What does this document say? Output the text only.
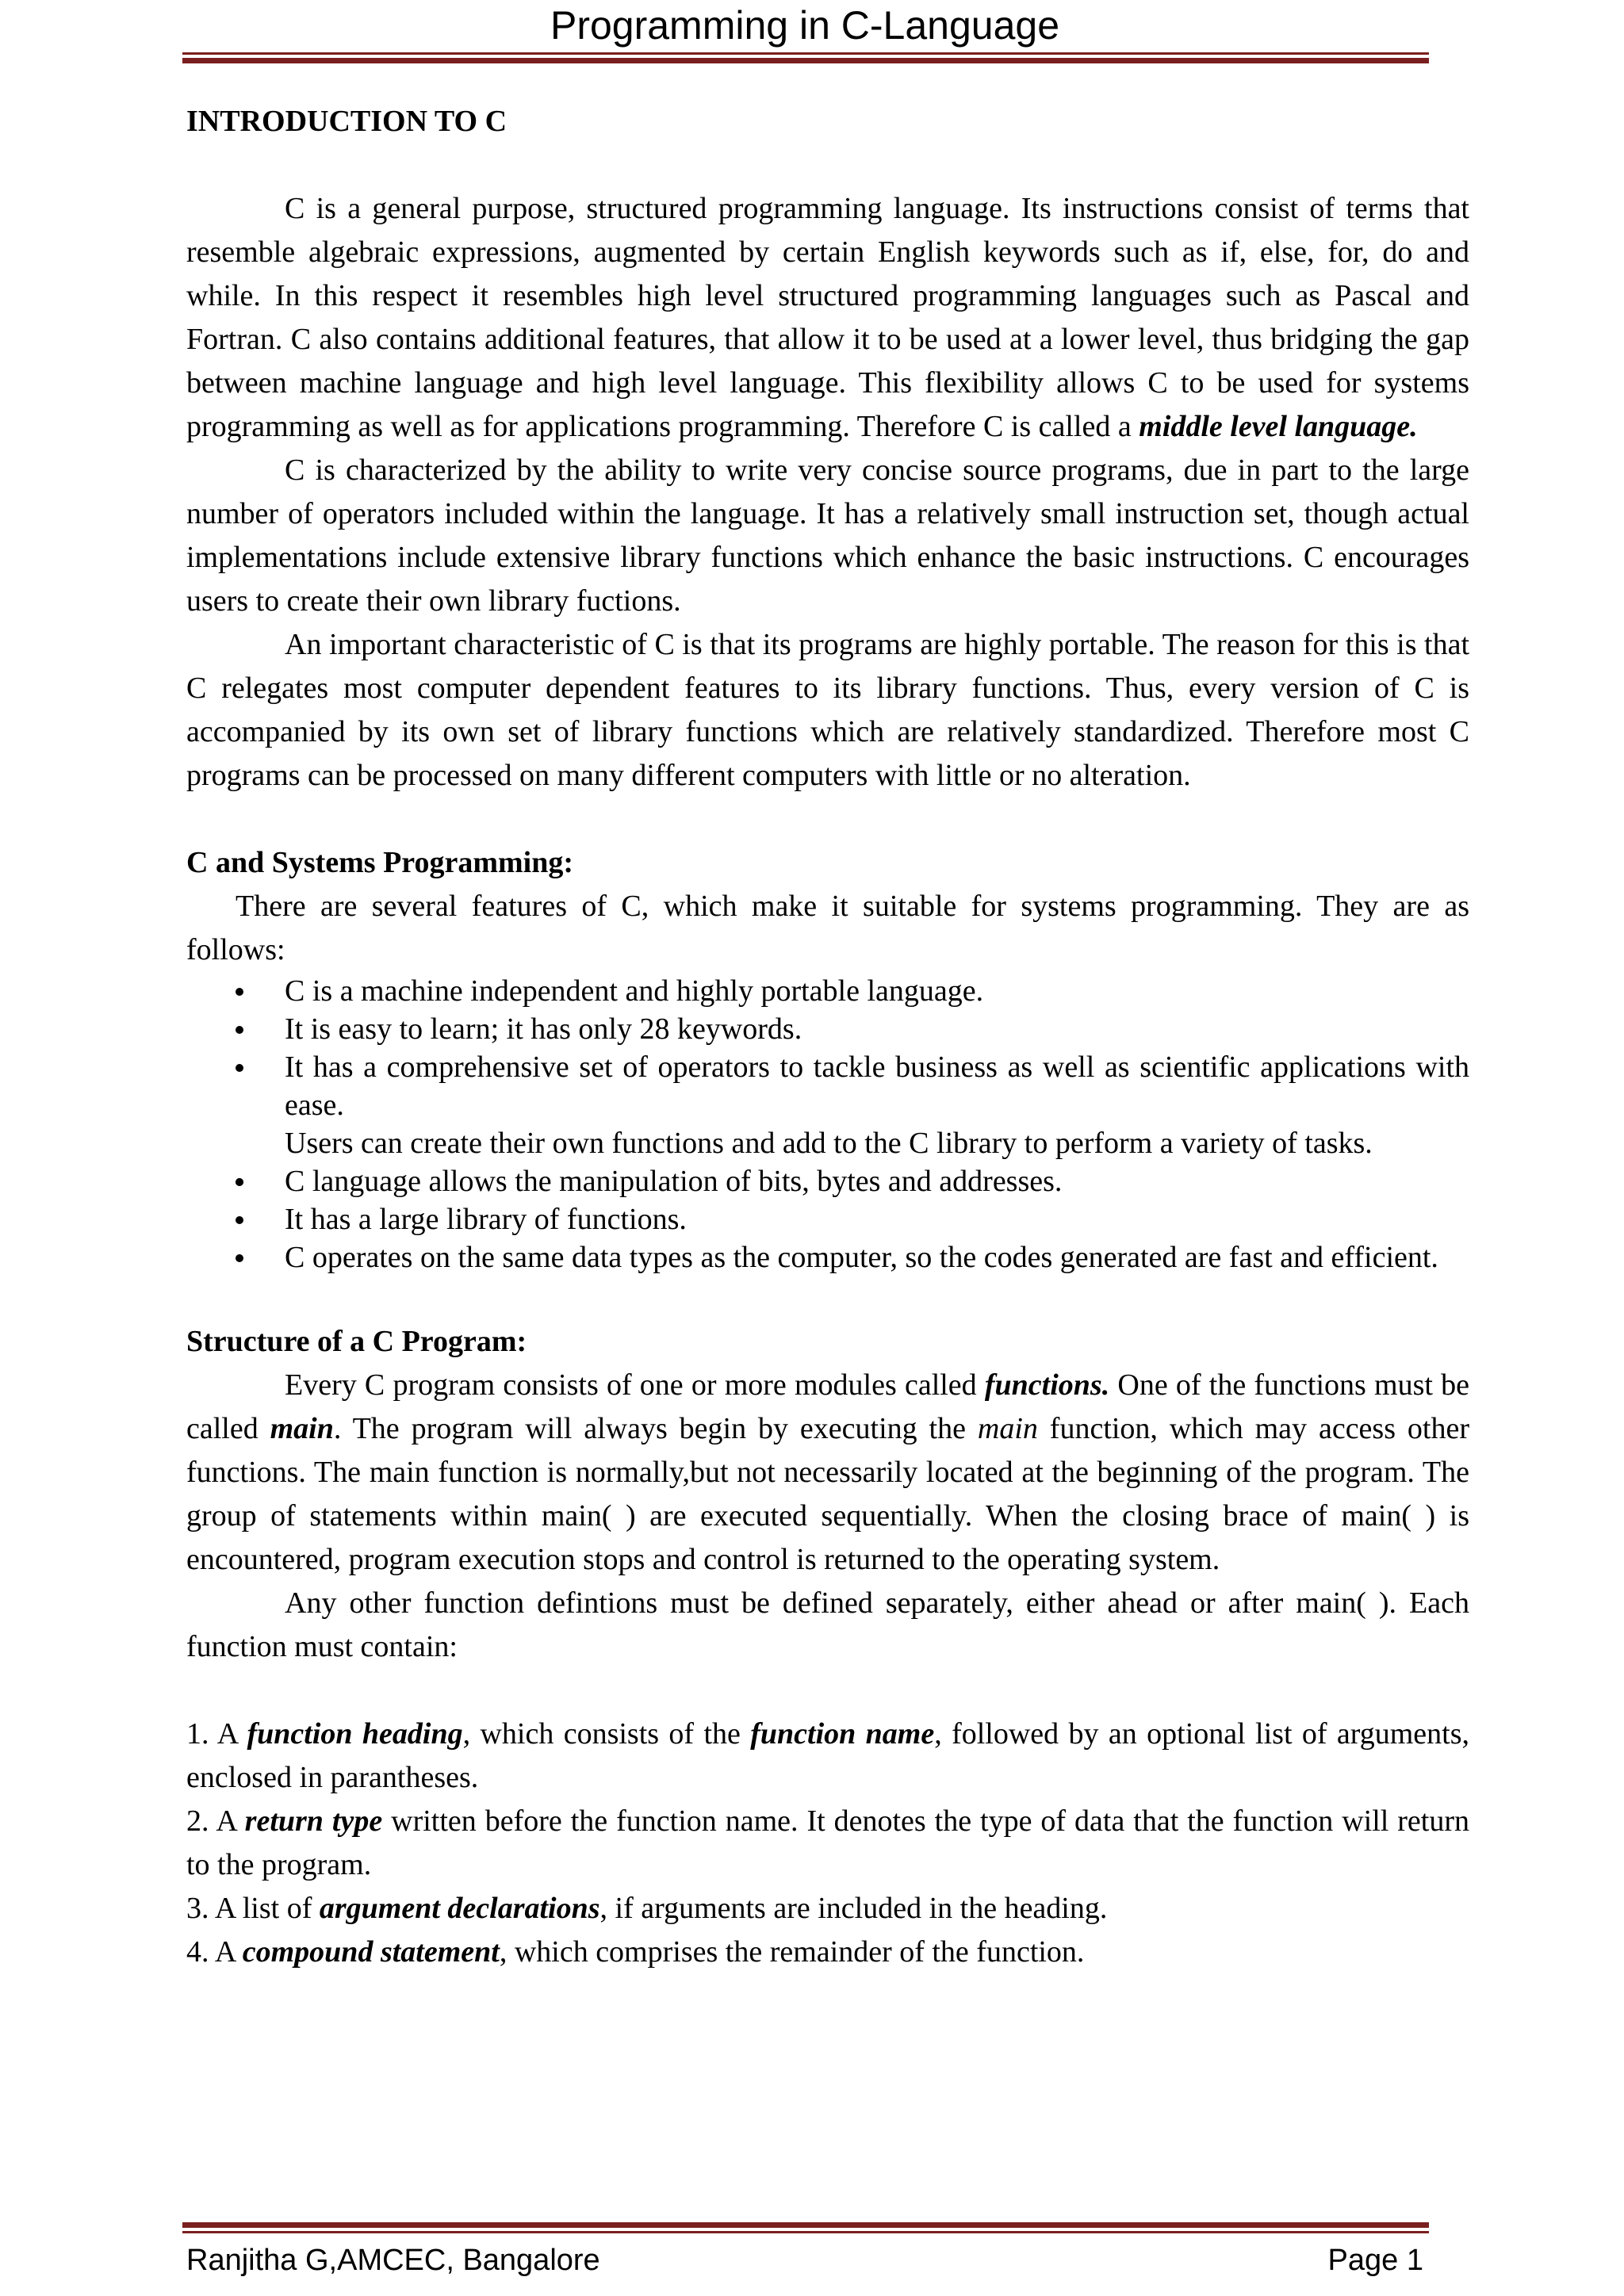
Programming in C-Language
INTRODUCTION TO C

C is a general purpose, structured programming language. Its instructions consist of terms that resemble algebraic expressions, augmented by certain English keywords such as if, else, for, do and while. In this respect it resembles high level structured programming languages such as Pascal and Fortran. C also contains additional features, that allow it to be used at a lower level, thus bridging the gap between machine language and high level language. This flexibility allows C to be used for systems programming as well as for applications programming. Therefore C is called a middle level language.

C is characterized by the ability to write very concise source programs, due in part to the large number of operators included within the language. It has a relatively small instruction set, though actual implementations include extensive library functions which enhance the basic instructions. C encourages users to create their own library fuctions.

An important characteristic of C is that its programs are highly portable. The reason for this is that C relegates most computer dependent features to its library functions. Thus, every version of C is accompanied by its own set of library functions which are relatively standardized. Therefore most C programs can be processed on many different computers with little or no alteration.

C and Systems Programming:

There are several features of C, which make it suitable for systems programming. They are as follows:

C is a machine independent and highly portable language.
It is easy to learn; it has only 28 keywords.
It has a comprehensive set of operators to tackle business as well as scientific applications with ease.
Users can create their own functions and add to the C library to perform a variety of tasks.
C language allows the manipulation of bits, bytes and addresses.
It has a large library of functions.
C operates on the same data types as the computer, so the codes generated are fast and efficient.
Structure of a C Program:

Every C program consists of one or more modules called functions. One of the functions must be called main. The program will always begin by executing the main function, which may access other functions. The main function is normally,but not necessarily located at the beginning of the program. The group of statements within main( ) are executed sequentially. When the closing brace of main( ) is encountered, program execution stops and control is returned to the operating system.

Any other function defintions must be defined separately, either ahead or after main( ). Each function must contain:

1. A function heading, which consists of the function name, followed by an optional list of arguments, enclosed in parantheses.

2. A return type written before the function name. It denotes the type of data that the function will return to the program.

3. A list of argument declarations, if arguments are included in the heading.

4. A compound statement, which comprises the remainder of the function.

Ranjitha G,AMCEC, Bangalore	Page 1
